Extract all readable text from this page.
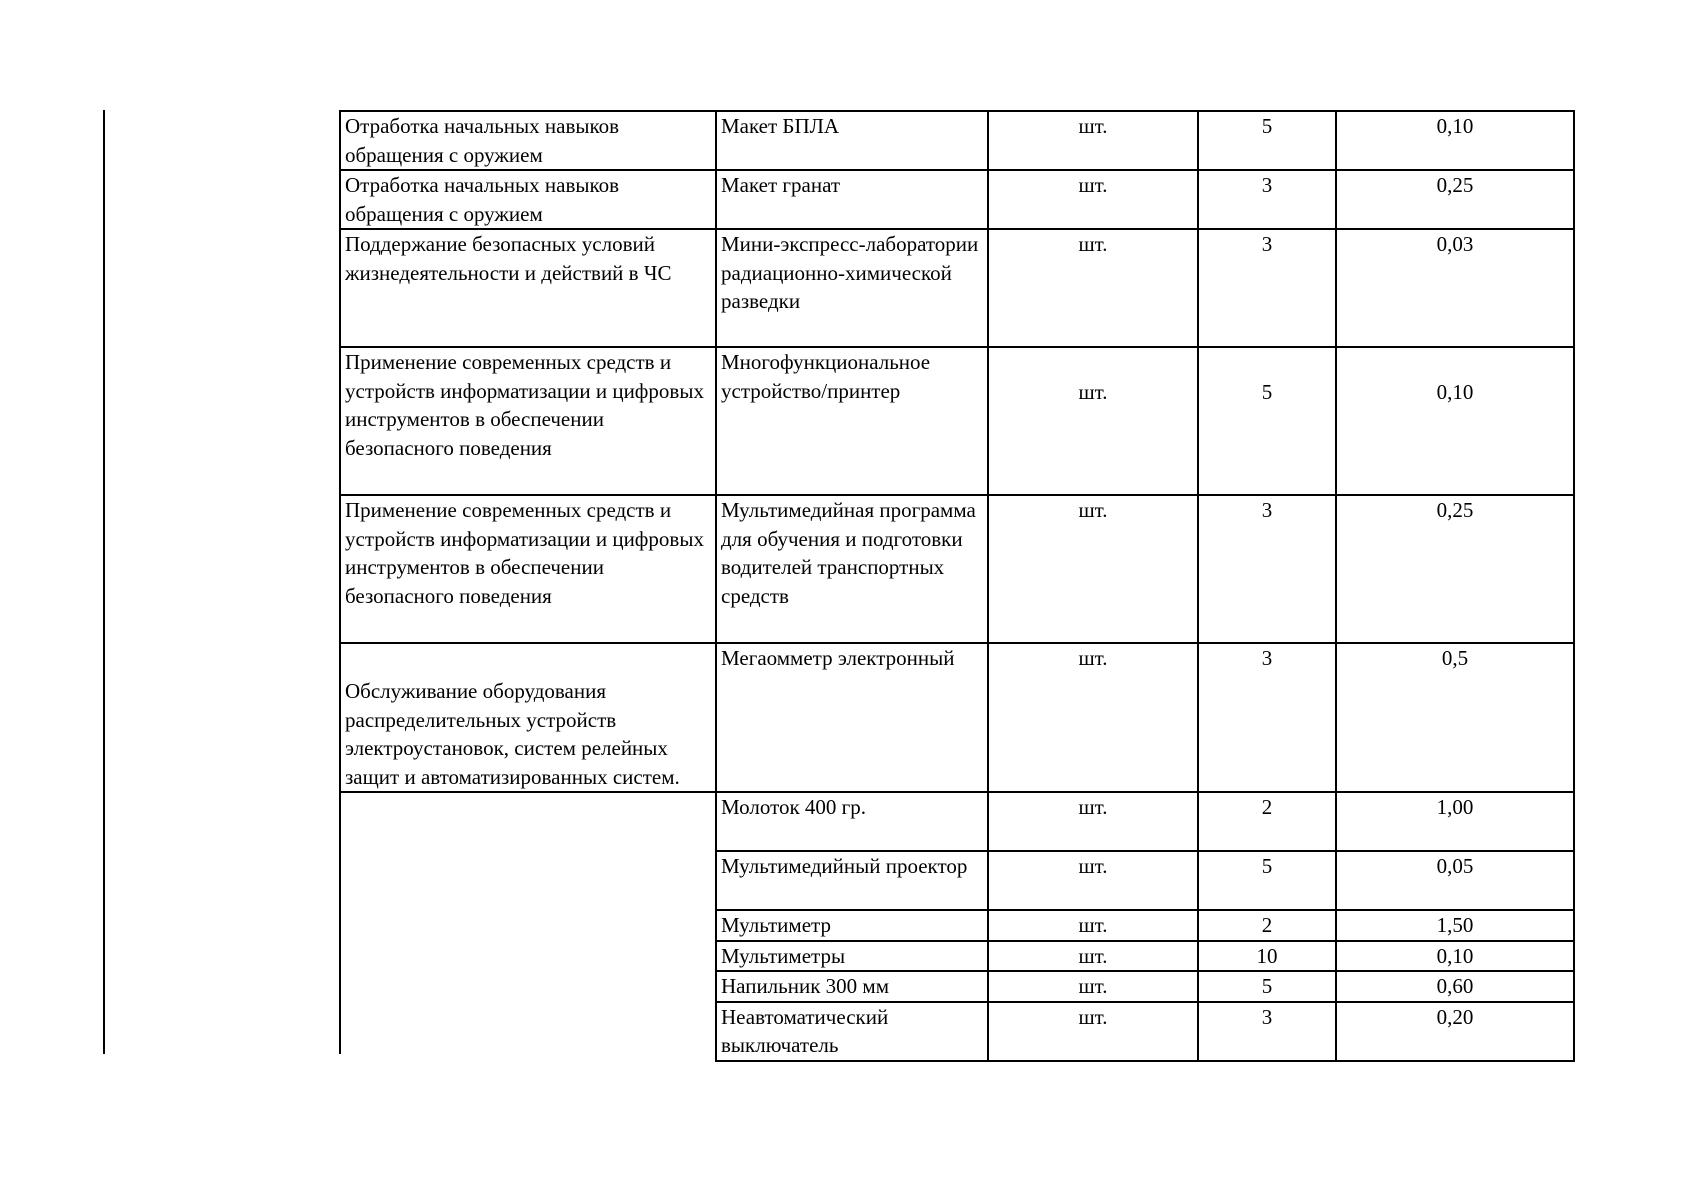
Отработка начальных навыков обращения с оружием	Макет БПЛА	шт.	5	0,10

Отработка начальных навыков обращения с оружием	Макет гранат	шт.	3	0,25

Поддержание безопасных условий жизнедеятельности и действий в ЧС	Мини-экспресс-лаборатории радиационно-химической разведки	шт.	3	0,03

Применение современных средств и устройств информатизации и цифровых инструментов в обеспечении безопасного поведения	Многофункциональное устройство/принтер	шт.	5	0,10

Применение современных средств и устройств информатизации и цифровых инструментов в обеспечении безопасного поведения	Мультимедийная программа для обучения и подготовки водителей транспортных средств	шт.	3	0,25

Обслуживание оборудования распределительных устройств электроустановок, систем релейных защит и автоматизированных систем.	Мегаомметр электронный	шт.	3	0,5

	Молоток 400 гр.	шт.	2	1,00

	Мультимедийный проектор	шт.	5	0,05

	Мультиметр	шт.	2	1,50

	Мультиметры	шт.	10	0,10

	Напильник 300 мм	шт.	5	0,60

	Неавтоматический выключатель	шт.	3	0,20
